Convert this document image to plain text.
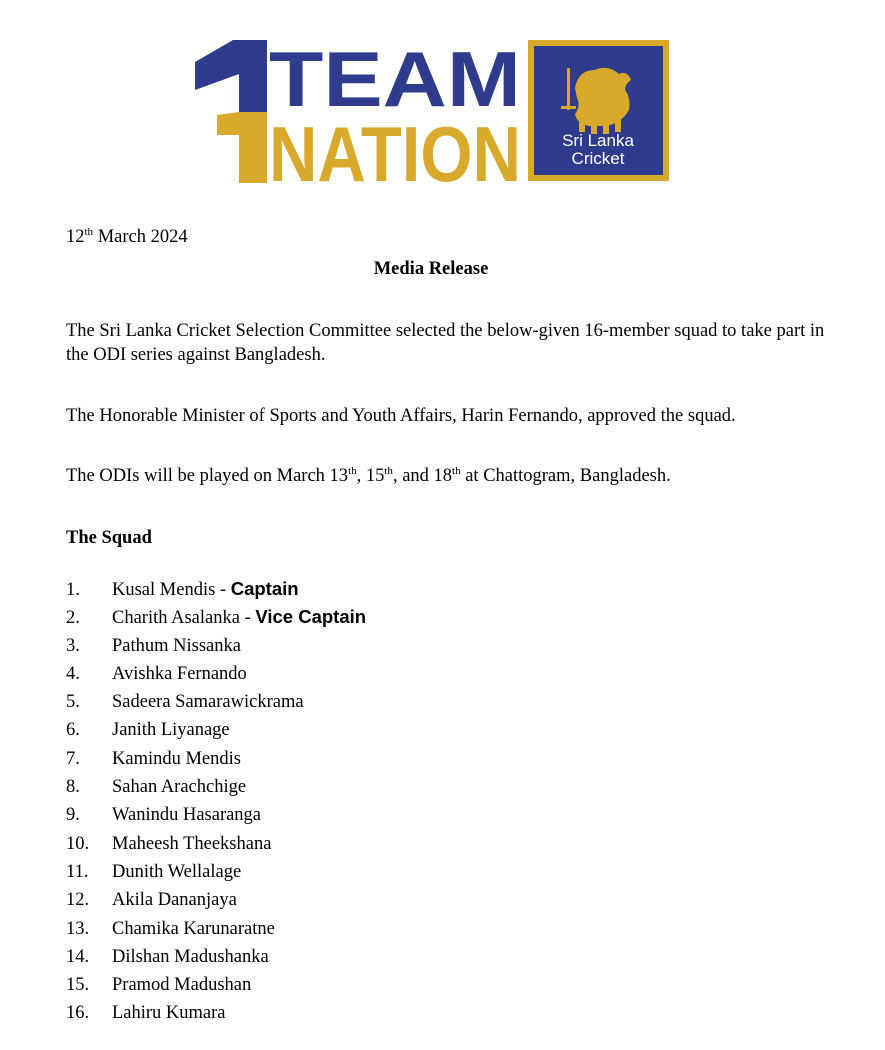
TEAM
NATION Sri Lanka
Cricket
12th March 2024
Media Release
The Sri Lanka Cricket Selection Committee selected the below-given 16-member squad to take part in the ODI series against Bangladesh.
The Honorable Minister of Sports and Youth Affairs, Harin Fernando, approved the squad.
The ODIs will be played on March 13th, 15th, and 18th at Chattogram, Bangladesh.
The Squad
1. Kusal Mendis - Captain
2. Charith Asalanka - Vice Captain
3. Pathum Nissanka
4. Avishka Fernando
5. Sadeera Samarawickrama
6. Janith Liyanage
7. Kamindu Mendis
8. Sahan Arachchige
9. Wanindu Hasaranga
10. Maheesh Theekshana
11. Dunith Wellalage
12. Akila Dananjaya
13. Chamika Karunaratne
14. Dilshan Madushanka
15. Pramod Madushan
16. Lahiru Kumara
